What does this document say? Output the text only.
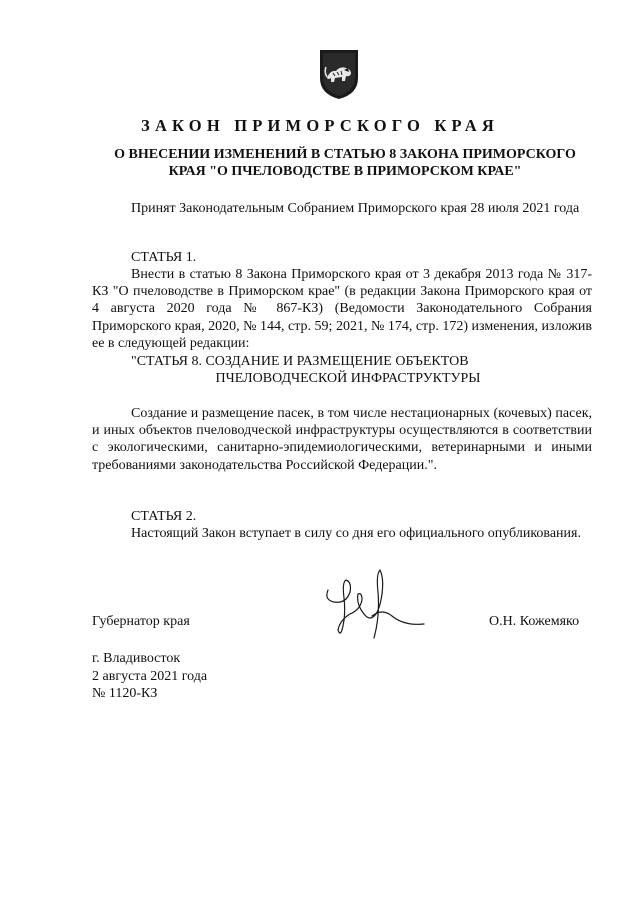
ЗАКОН ПРИМОРСКОГО КРАЯ
О ВНЕСЕНИИ ИЗМЕНЕНИЙ В СТАТЬЮ 8 ЗАКОНА ПРИМОРСКОГО
КРАЯ "О ПЧЕЛОВОДСТВЕ В ПРИМОРСКОМ КРАЕ"
Принят Законодательным Собранием Приморского края 28 июля 2021 года
СТАТЬЯ 1.
Внести в статью 8 Закона Приморского края от 3 декабря 2013 года № 317-КЗ "О пчеловодстве в Приморском крае" (в редакции Закона Приморского края от 4 августа 2020 года № 867-КЗ) (Ведомости Законодательного Собрания Приморского края, 2020, № 144, стр. 59; 2021, № 174, стр. 172) изменения, изложив ее в следующей редакции:
"СТАТЬЯ 8. СОЗДАНИЕ И РАЗМЕЩЕНИЕ ОБЪЕКТОВ
ПЧЕЛОВОДЧЕСКОЙ ИНФРАСТРУКТУРЫ
Создание и размещение пасек, в том числе нестационарных (кочевых) пасек, и иных объектов пчеловодческой инфраструктуры осуществляются в соответствии с экологическими, санитарно-эпидемиологическими, ветеринарными и иными требованиями законодательства Российской Федерации.".
СТАТЬЯ 2.
Настоящий Закон вступает в силу со дня его официального опубликования.
Губернатор края	О.Н. Кожемяко
г. Владивосток
2 августа 2021 года
№ 1120-КЗ
